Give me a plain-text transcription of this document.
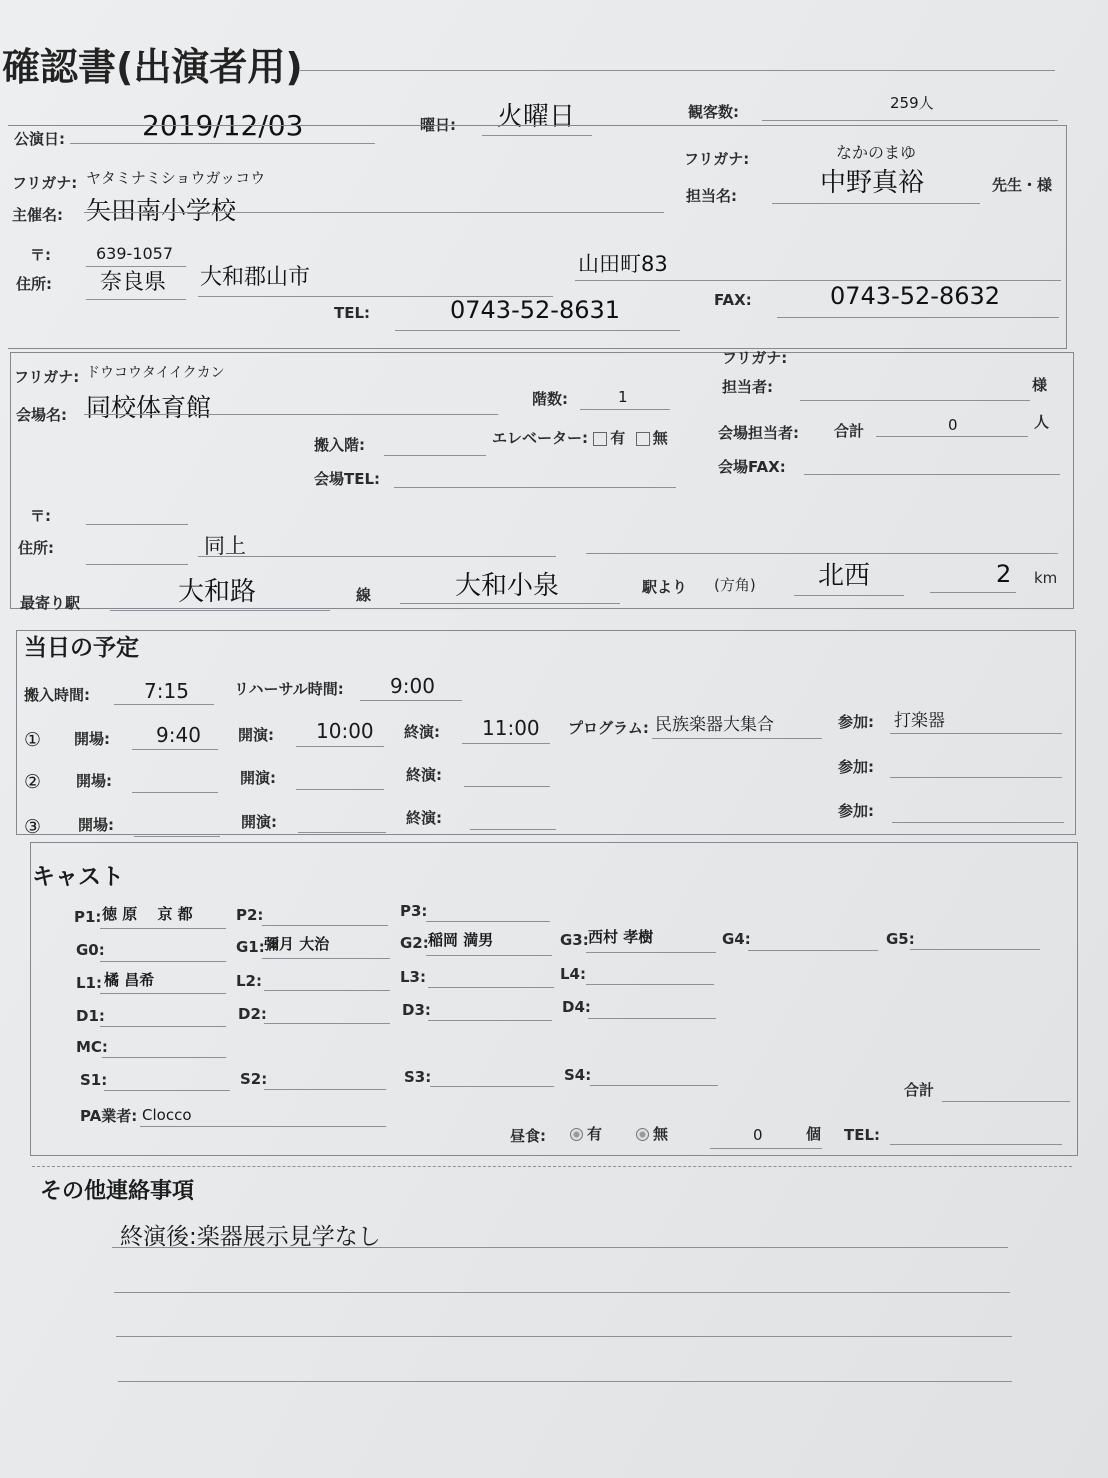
確認書(出演者用)
公演日:	2019/12/03	曜日: 火曜日	観客数:	259人
フリガナ: ヤタミナミショウガッコウ
主催名: 矢田南小学校
フリガナ:	なかのまゆ
担当名:	中野真裕	先生・様
〒:	639-1057
住所: 奈良県 大和郡山市
山田町83
TEL:	0743-52-8631	FAX:	0743-52-8632
フリガナ: ドウコウタイイクカン
会場名: 同校体育館	階数:	1
フリガナ:
担当者:	様
搬入階:	エレベーター: 有 無	会場担当者: 合計	0	人
会場TEL:
会場FAX:
〒:
住所:	同上
最寄り駅	大和路	線	大和小泉	駅より (方角) 北西	2 km
当日の予定
搬入時間:	7:15	リハーサル時間: 9:00
① 開場: 9:40 開演: 10:00 終演: 11:00 プログラム: 民族楽器大集合	参加: 打楽器
② 開場:	開演:	終演:	参加:
③ 開場:	開演:	終演:	参加:
キャスト
P1: 徳 原　 京 都	P2:	P3:
G0:	G1: 彌月 大治	G2: 稲岡 満男	G3: 西村 孝樹	G4:	G5:
L1: 橘 昌希	L2:	L3:	L4:
D1:	D2:	D3:	D4:
MC:
S1:	S2:	S3:	S4:
合計
PA業者: Clocco
昼食:	有	無	0	個 TEL:
その他連絡事項
終演後:楽器展示見学なし
